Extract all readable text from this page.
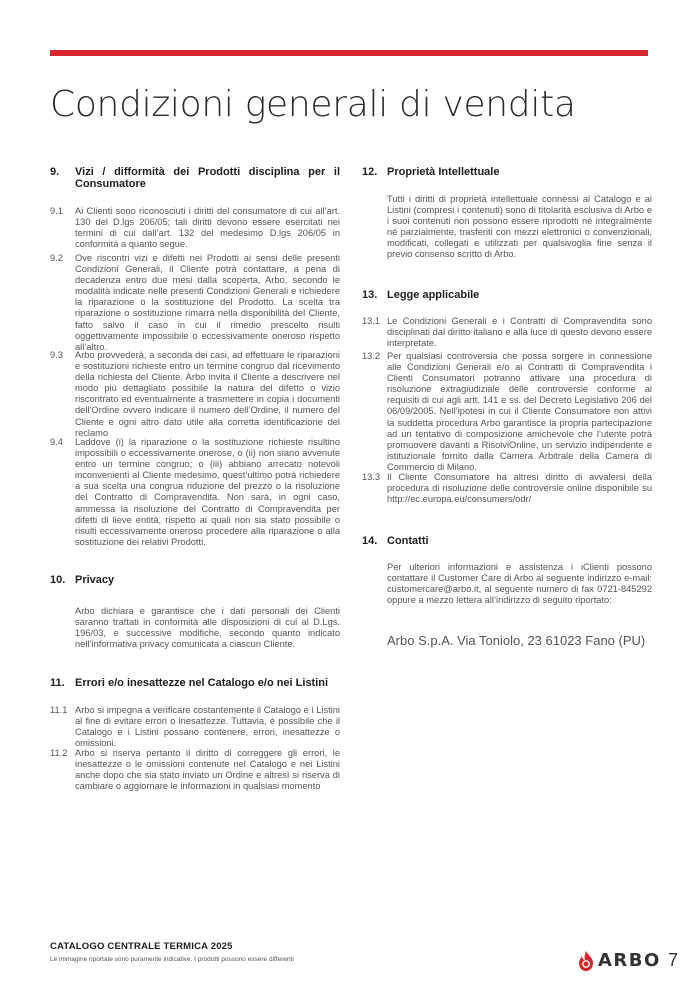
Condizioni generali di vendita
9.	Vizi / difformità dei Prodotti disciplina per il Consumatore
9.1	Ai Clienti sono riconosciuti i diritti del consumatore di cui all’art. 130 del D.lgs 206/05; tali diritti devono essere esercitati nei termini di cui dall’art. 132 del medesimo D.lgs 206/05 in conformità a quanto segue.
9.2	Ove riscontri vizi e difetti nei Prodotti ai sensi delle presenti Condizioni Generali, il Cliente potrà contattare, a pena di decadenza entro due mesi dalla scoperta, Arbo, secondo le modalità indicate nelle presenti Condizioni Generali e richiedere la riparazione o la sostituzione del Prodotto. La scelta tra riparazione o sostituzione rimarrà nella disponibilità del Cliente, fatto salvo il caso in cui il rimedio prescelto risulti oggettivamente impossibile o eccessivamente oneroso rispetto all’altro.
9.3	Arbo provvederà, a seconda dei casi, ad effettuare le riparazioni e sostituzioni richieste entro un termine congruo dal ricevimento della richiesta del Cliente. Arbo invita il Cliente a descrivere nel modo più dettagliato possibile la natura del difetto o vizio riscontrato ed eventualmente a trasmettere in copia i documenti dell’Ordine ovvero indicare il numero dell’Ordine, il numero del Cliente e ogni altro dato utile alla corretta identificazione del reclamo
9.4	Laddove (i) la riparazione o la sostituzione richieste risultino impossibili o eccessivamente onerose, o (ii) non siano avvenute entro un termine congruo; o (iii) abbiano arrecato notevoli inconvenienti al Cliente medesimo, quest’ultimo potrà richiedere a sua scelta una congrua riduzione del prezzo o la risoluzione del Contratto di Compravendita. Non sarà, in ogni caso, ammessa la risoluzione del Contratto di Compravendita per difetti di lieve entità, rispetto ai quali non sia stato possibile o risulti eccessivamente oneroso procedere alla riparazione o alla sostituzione dei relativi Prodotti.
10. Privacy
Arbo dichiara e garantisce che i dati personali dei Clienti saranno trattati in conformità alle disposizioni di cui al D.Lgs. 196/03, e successive modifiche, secondo quanto indicato nell’informativa privacy comunicata a ciascun Cliente.
11. Errori e/o inesattezze nel Catalogo e/o nei Listini
11.1 Arbo si impegna a verificare costantemente il Catalogo e i Listini al fine di evitare errori o inesattezze. Tuttavia, è possibile che il Catalogo e i Listini possano contenere, errori, inesattezze o omissioni.
11.2 Arbo si riserva pertanto il diritto di correggere gli errori, le inesattezze o le omissioni contenute nel Catalogo e nei Listini anche dopo che sia stato inviato un Ordine e altresì si riserva di cambiare o aggiornare le informazioni in qualsiasi momento
12. Proprietà Intellettuale
Tutti i diritti di proprietà intellettuale connessi al Catalogo e ai Listini (compresi i contenuti) sono di titolarità esclusiva di Arbo e i suoi contenuti non possono essere riprodotti né integralmente né parzialmente, trasferiti con mezzi elettronici o convenzionali, modificati, collegati e utilizzati per qualsivoglia fine senza il previo consenso scritto di Arbo.
13. Legge applicabile
13.1 Le Condizioni Generali e i Contratti di Compravendita sono disciplinati dal diritto italiano e alla luce di questo devono essere interpretate.
13.2 Per qualsiasi controversia che possa sorgere in connessione alle Condizioni Generali e/o ai Contratti di Compravendita i Clienti Consumatori potranno attivare una procedura di risoluzione extragiudiziale delle controversie conforme ai requisiti di cui agli artt. 141 e ss. del Decreto Legislativo 206 del 06/09/2005. Nell’ipotesi in cui il Cliente Consumatore non attivi la suddetta procedura Arbo garantisce la propria partecipazione ad un tentativo di composizione amichevole che l’utente potrà promuovere davanti a RisolviOnline, un servizio indipendente e istituzionale fornito dalla Camera Arbitrale della Camera di Commercio di Milano.
13.3 Il Cliente Consumatore ha altresì diritto di avvalersi della procedura di risoluzione delle controversie online disponibile su http://ec.europa.eu/consumers/odr/
14. Contatti
Per ulteriori informazioni e assistenza i iClienti possono contattare il Customer Care di Arbo al seguente indirizzo e-mail: customercare@arbo.it, al seguente numero di fax 0721-845292 oppure a mezzo lettera all’indirizzo di seguito riportato:
Arbo S.p.A. Via Toniolo, 23 61023 Fano (PU)
CATALOGO CENTRALE TERMICA 2025
Le immagine riportate sono puramente indicative. I prodotti possono essere differenti	ARBO 7
